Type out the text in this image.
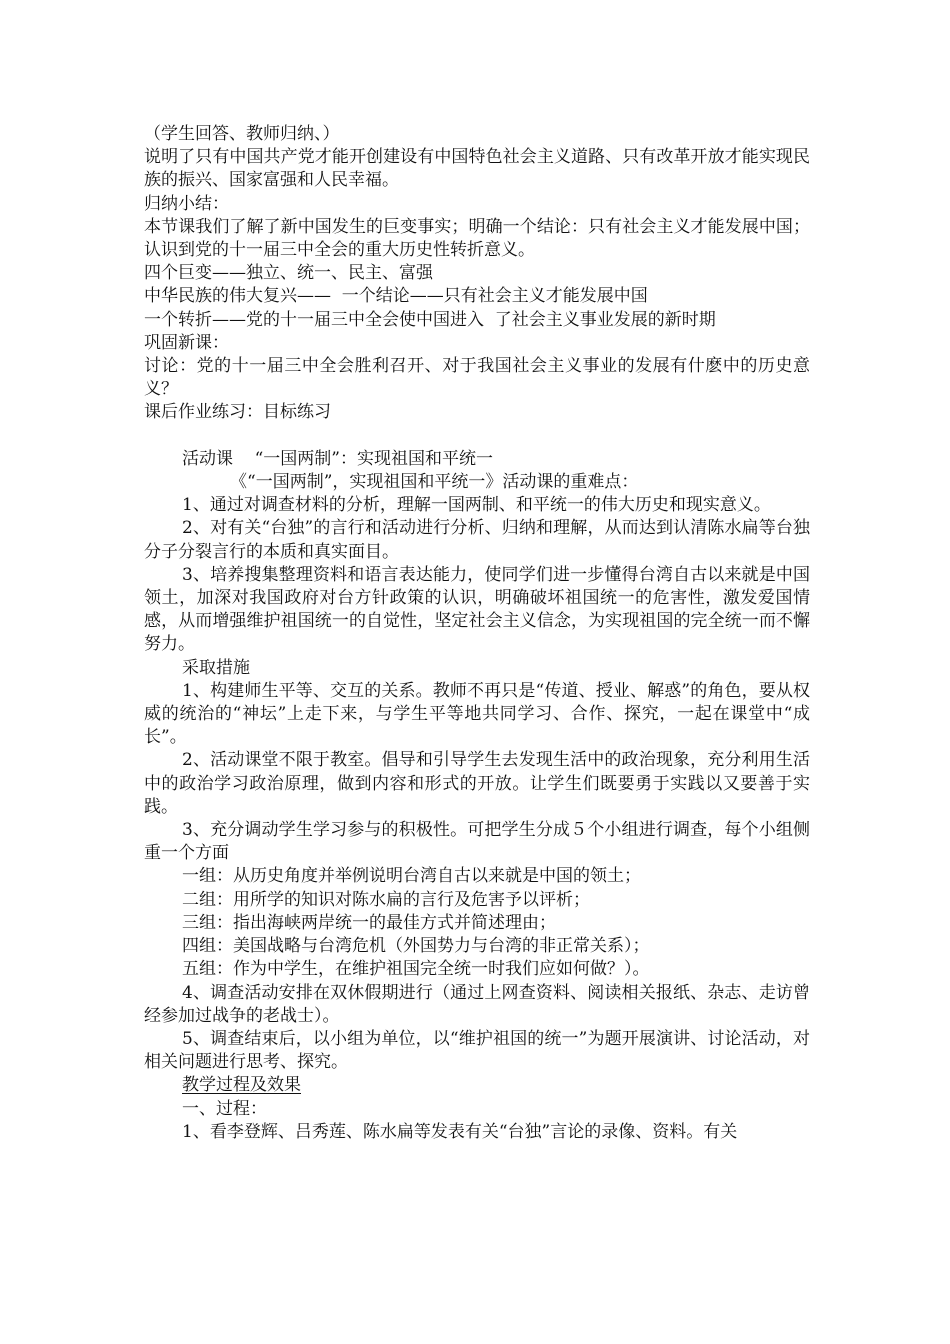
（学生回答、教师归纳、）

说明了只有中国共产党才能开创建设有中国特色社会主义道路、只有改革开放才能实现民族的振兴、国家富强和人民幸福。

归纳小结：

本节课我们了解了新中国发生的巨变事实；明确一个结论：只有社会主义才能发展中国；认识到党的十一届三中全会的重大历史性转折意义。

四个巨变——独立、统一、民主、富强

中华民族的伟大复兴——  一个结论——只有社会主义才能发展中国

一个转折——党的十一届三中全会使中国进入  了社会主义事业发展的新时期

巩固新课：

讨论：党的十一届三中全会胜利召开、对于我国社会主义事业的发展有什麽中的历史意义？

课后作业练习：目标练习

活动课    “一国两制”：实现祖国和平统一

《“一国两制”，实现祖国和平统一》活动课的重难点：

1、通过对调查材料的分析，理解一国两制、和平统一的伟大历史和现实意义。

2、对有关“台独”的言行和活动进行分析、归纳和理解，从而达到认清陈水扁等台独分子分裂言行的本质和真实面目。

3、培养搜集整理资料和语言表达能力，使同学们进一步懂得台湾自古以来就是中国领土，加深对我国政府对台方针政策的认识，明确破坏祖国统一的危害性，激发爱国情感，从而增强维护祖国统一的自觉性，坚定社会主义信念，为实现祖国的完全统一而不懈努力。

采取措施

1、构建师生平等、交互的关系。教师不再只是“传道、授业、解惑”的角色，要从权威的统治的“神坛”上走下来，与学生平等地共同学习、合作、探究，一起在课堂中“成长”。

2、活动课堂不限于教室。倡导和引导学生去发现生活中的政治现象，充分利用生活中的政治学习政治原理，做到内容和形式的开放。让学生们既要勇于实践以又要善于实践。

3、充分调动学生学习参与的积极性。可把学生分成５个小组进行调查，每个小组侧重一个方面

一组：从历史角度并举例说明台湾自古以来就是中国的领土；

二组：用所学的知识对陈水扁的言行及危害予以评析；

三组：指出海峡两岸统一的最佳方式并简述理由；

四组：美国战略与台湾危机（外国势力与台湾的非正常关系）；

五组：作为中学生，在维护祖国完全统一时我们应如何做？）。

4、调查活动安排在双休假期进行（通过上网查资料、阅读相关报纸、杂志、走访曾经参加过战争的老战士）。

5、调查结束后，以小组为单位，以“维护祖国的统一”为题开展演讲、讨论活动，对相关问题进行思考、探究。

教学过程及效果

一、过程：

1、看李登辉、吕秀莲、陈水扁等发表有关“台独”言论的录像、资料。有关
